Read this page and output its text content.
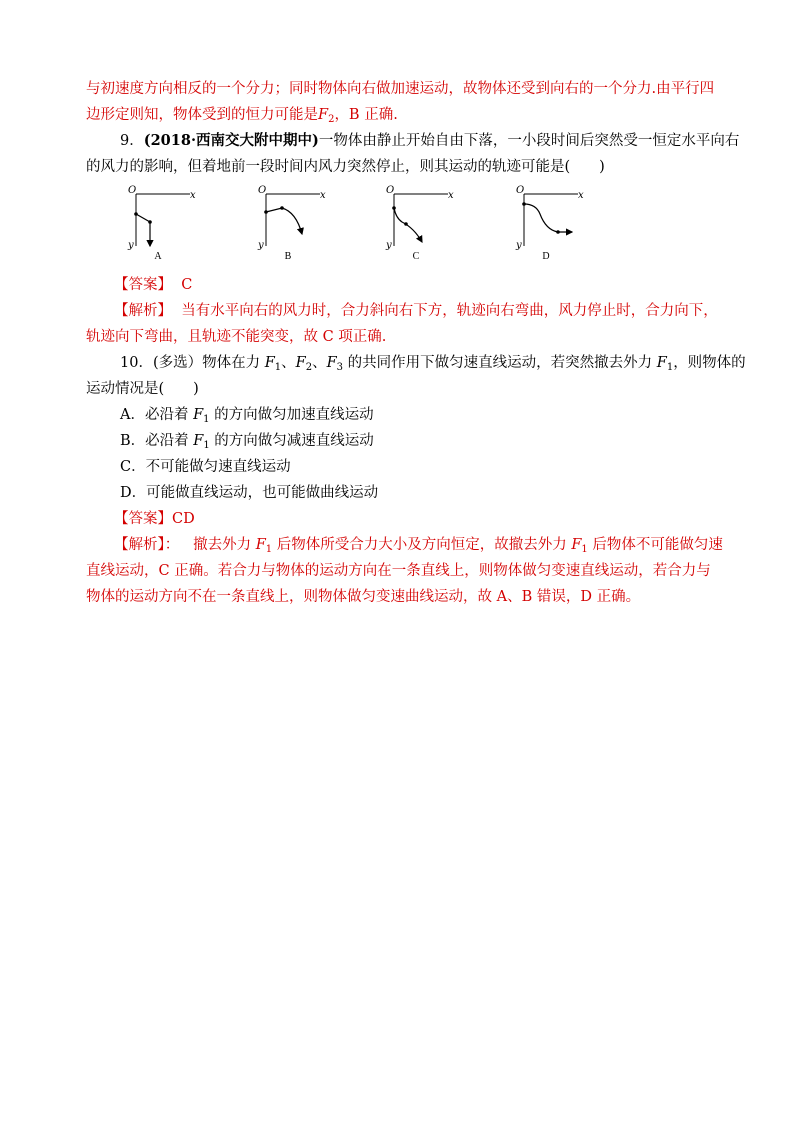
与初速度方向相反的一个分力；同时物体向右做加速运动，故物体还受到向右的一个分力.由平行四
边形定则知，物体受到的恒力可能是$F_2$，B 正确.
9．(2018·西南交大附中期中)一物体由静止开始自由下落，一小段时间后突然受一恒定水平向右
的风力的影响，但着地前一段时间内风力突然停止，则其运动的轨迹可能是(　　)
O	x
y
A
O	x
y
B
O	x
y
C
O	x
y
D
【答案】 C
【解析】 当有水平向右的风力时，合力斜向右下方，轨迹向右弯曲，风力停止时，合力向下，
轨迹向下弯曲，且轨迹不能突变，故 C 项正确.
10．(多选）物体在力 $F_1$、$F_2$、$F_3$ 的共同作用下做匀速直线运动，若突然撤去外力 $F_1$，则物体的
运动情况是(　　)
A．必沿着 $F_1$ 的方向做匀加速直线运动
B．必沿着 $F_1$ 的方向做匀减速直线运动
C．不可能做匀速直线运动
D．可能做直线运动，也可能做曲线运动
【答案】CD
【解析】： 撤去外力 $F_1$ 后物体所受合力大小及方向恒定，故撤去外力 $F_1$ 后物体不可能做匀速
直线运动，C 正确。若合力与物体的运动方向在一条直线上，则物体做匀变速直线运动，若合力与
物体的运动方向不在一条直线上，则物体做匀变速曲线运动，故 A、B 错误，D 正确。
